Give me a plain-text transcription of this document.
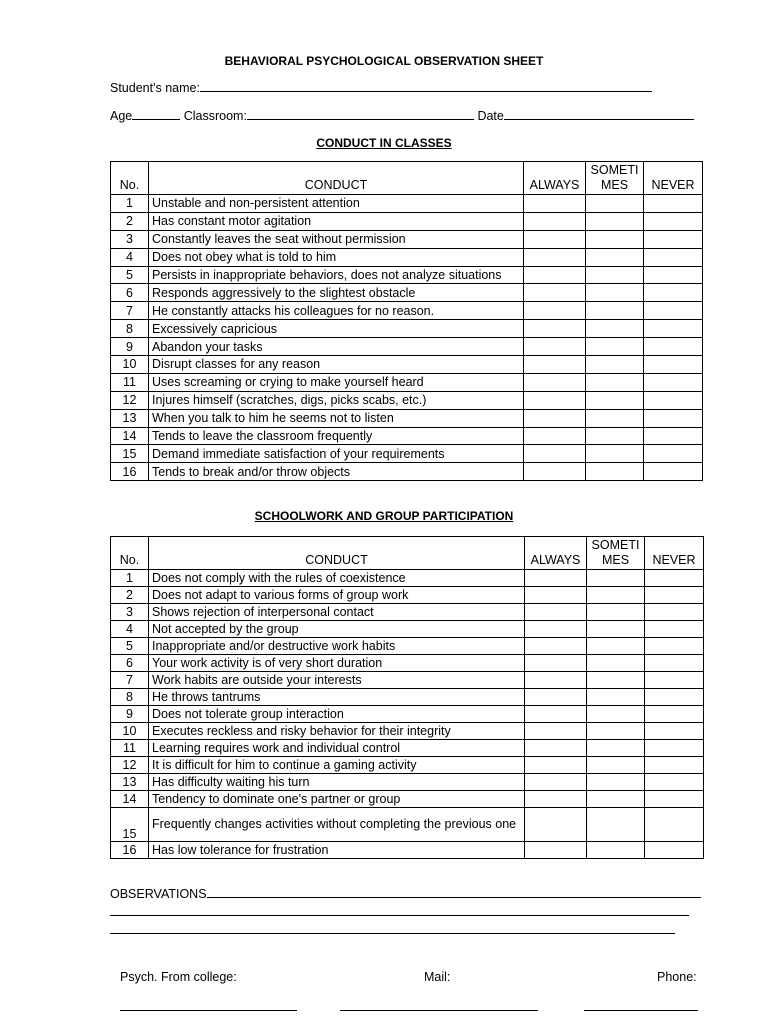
BEHAVIORAL PSYCHOLOGICAL OBSERVATION SHEET
Student's name:
Age	Classroom:	Date
CONDUCT IN CLASSES
No.	CONDUCT	ALWAYS	SOMETI MES	NEVER
1	Unstable and non-persistent attention			
2	Has constant motor agitation			
3	Constantly leaves the seat without permission			
4	Does not obey what is told to him			
5	Persists in inappropriate behaviors, does not analyze situations			
6	Responds aggressively to the slightest obstacle			
7	He constantly attacks his colleagues for no reason.			
8	Excessively capricious			
9	Abandon your tasks			
10	Disrupt classes for any reason			
11	Uses screaming or crying to make yourself heard			
12	Injures himself (scratches, digs, picks scabs, etc.)			
13	When you talk to him he seems not to listen			
14	Tends to leave the classroom frequently			
15	Demand immediate satisfaction of your requirements			
16	Tends to break and/or throw objects			
SCHOOLWORK AND GROUP PARTICIPATION
No.	CONDUCT	ALWAYS	SOMETI MES	NEVER
1	Does not comply with the rules of coexistence			
2	Does not adapt to various forms of group work			
3	Shows rejection of interpersonal contact			
4	Not accepted by the group			
5	Inappropriate and/or destructive work habits			
6	Your work activity is of very short duration			
7	Work habits are outside your interests			
8	He throws tantrums			
9	Does not tolerate group interaction			
10	Executes reckless and risky behavior for their integrity			
11	Learning requires work and individual control			
12	It is difficult for him to continue a gaming activity			
13	Has difficulty waiting his turn			
14	Tendency to dominate one's partner or group			
15	Frequently changes activities without completing the previous one			
16	Has low tolerance for frustration			
OBSERVATIONS
Psych. From college:	Mail:	Phone:
